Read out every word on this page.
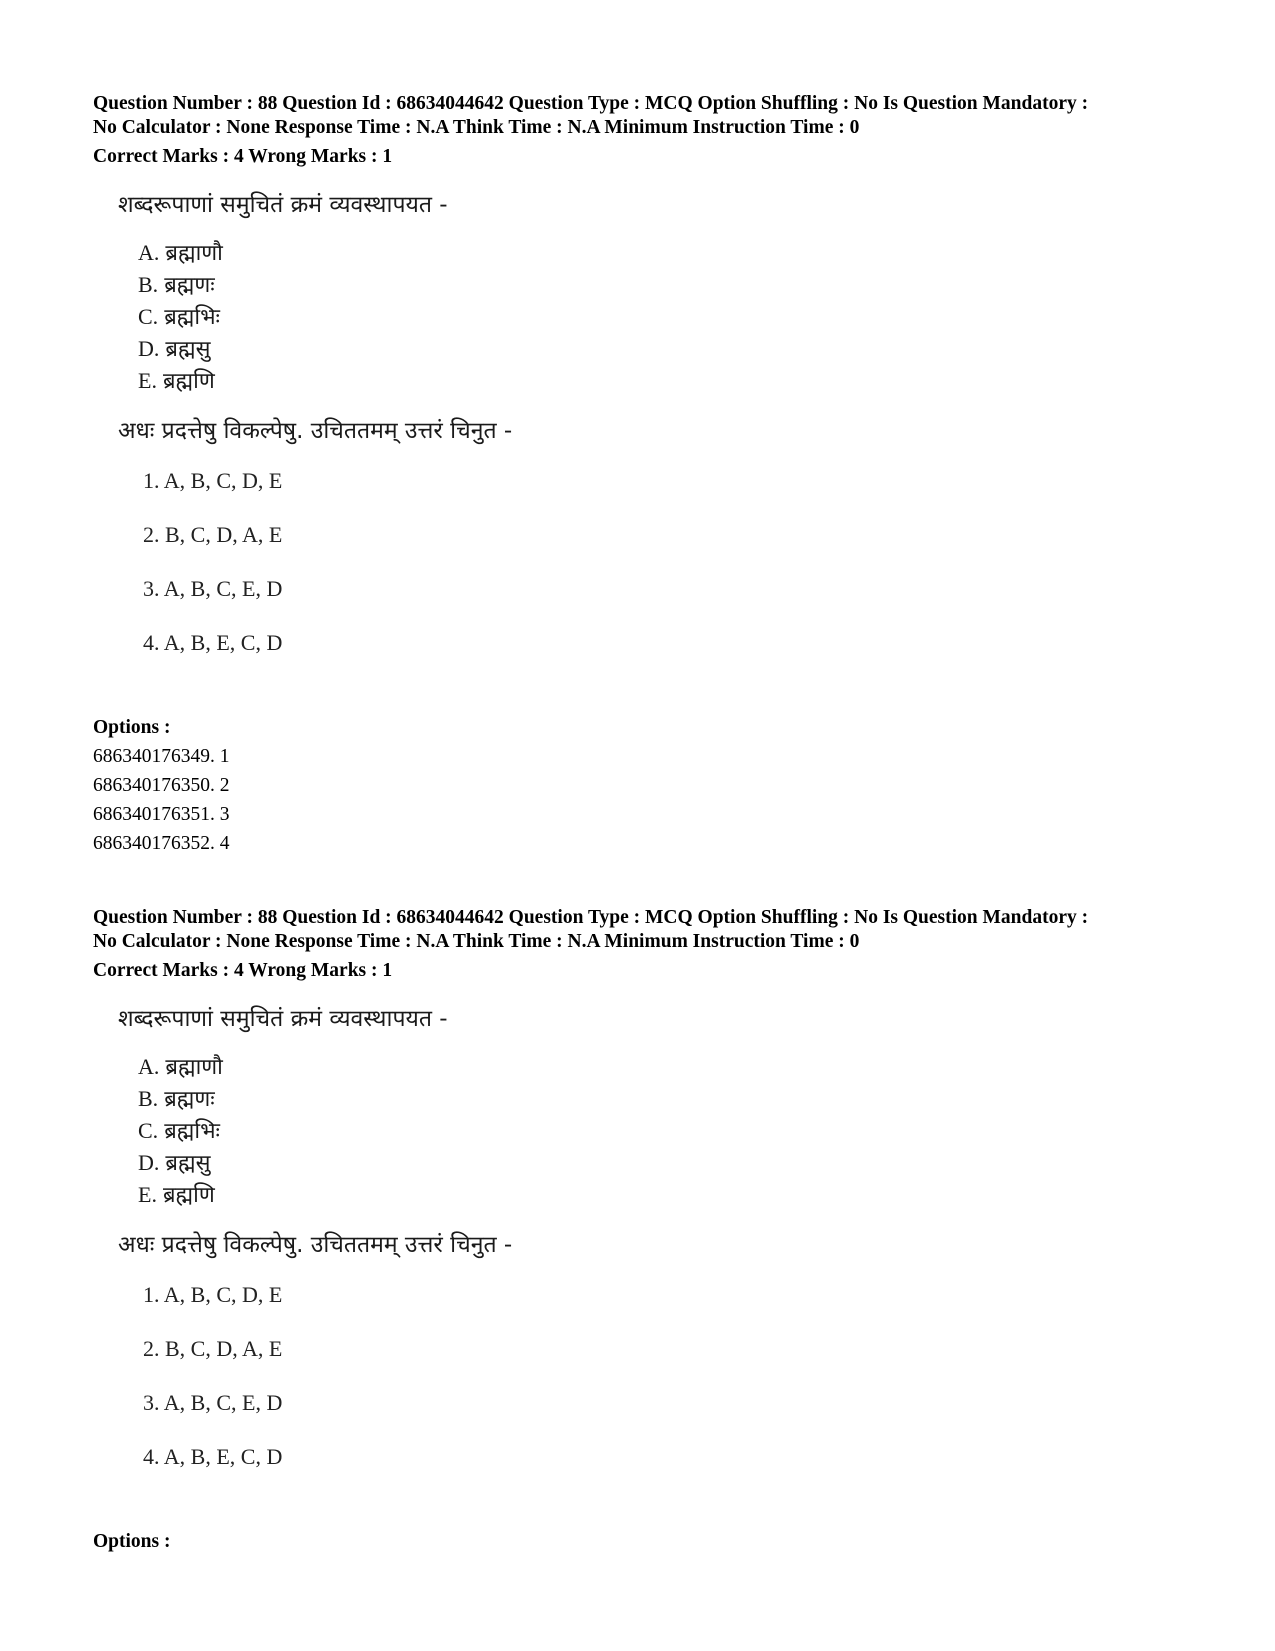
Question Number : 88 Question Id : 68634044642 Question Type : MCQ Option Shuffling : No Is Question Mandatory :
No Calculator : None Response Time : N.A Think Time : N.A Minimum Instruction Time : 0

Correct Marks : 4 Wrong Marks : 1

शब्दरूपाणां समुचितं क्रमं व्यवस्थापयत -

A. ब्रह्माणौ
B. ब्रह्मणः
C. ब्रह्मभिः
D. ब्रह्मसु
E. ब्रह्मणि

अधः प्रदत्तेषु विकल्पेषु. उचिततमम् उत्तरं चिनुत -

1. A, B, C, D, E
2. B, C, D, A, E
3. A, B, C, E, D
4. A, B, E, C, D

Options :

686340176349. 1
686340176350. 2
686340176351. 3
686340176352. 4

Question Number : 88 Question Id : 68634044642 Question Type : MCQ Option Shuffling : No Is Question Mandatory :
No Calculator : None Response Time : N.A Think Time : N.A Minimum Instruction Time : 0

Correct Marks : 4 Wrong Marks : 1

शब्दरूपाणां समुचितं क्रमं व्यवस्थापयत -

A. ब्रह्माणौ
B. ब्रह्मणः
C. ब्रह्मभिः
D. ब्रह्मसु
E. ब्रह्मणि

अधः प्रदत्तेषु विकल्पेषु. उचिततमम् उत्तरं चिनुत -

1. A, B, C, D, E
2. B, C, D, A, E
3. A, B, C, E, D
4. A, B, E, C, D

Options :
